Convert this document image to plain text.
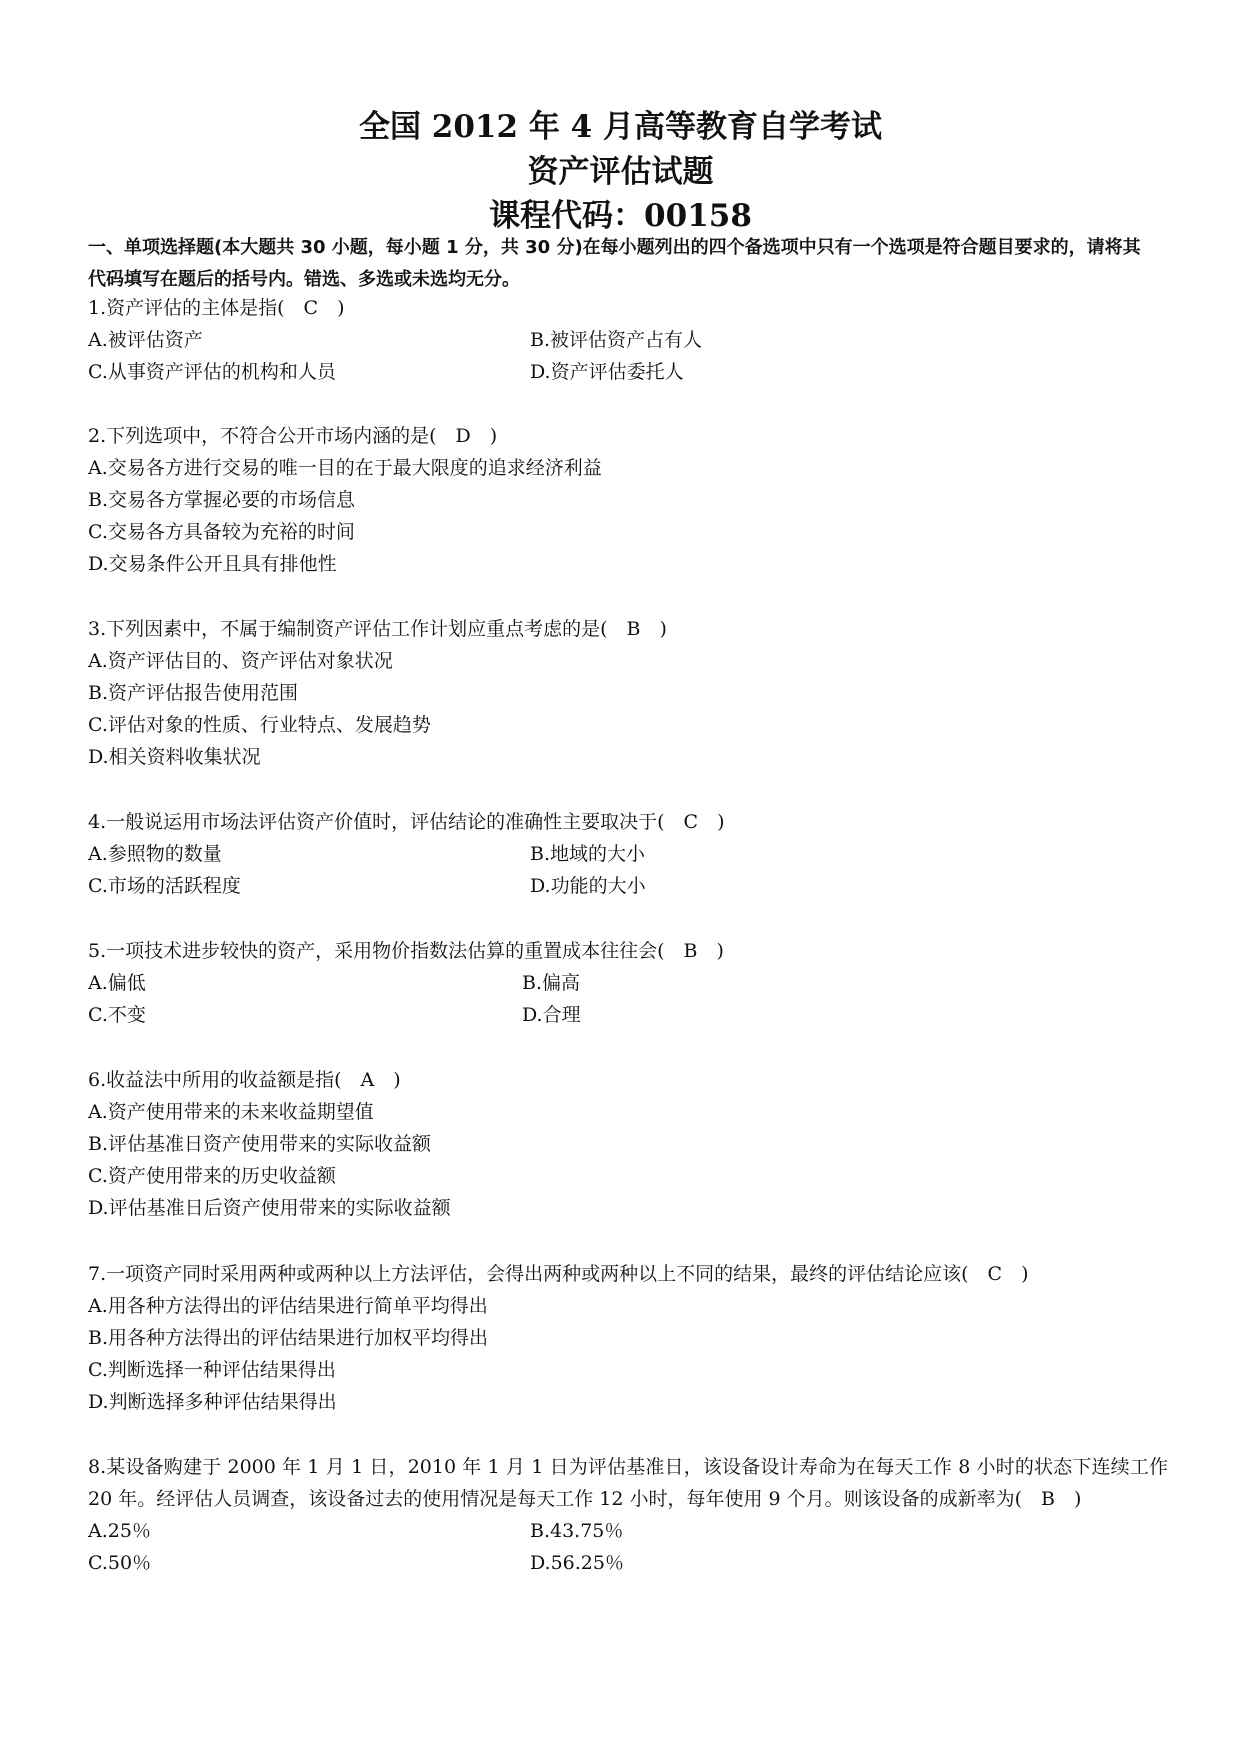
全国 2012 年 4 月高等教育自学考试
资产评估试题
课程代码：00158
一、单项选择题(本大题共 30 小题，每小题 1 分，共 30 分)在每小题列出的四个备选项中只有一个选项是符合题目要求的，请将其代码填写在题后的括号内。错选、多选或未选均无分。
1.资产评估的主体是指(　C　)
A.被评估资产	B.被评估资产占有人
C.从事资产评估的机构和人员	D.资产评估委托人
2.下列选项中，不符合公开市场内涵的是(　D　)
A.交易各方进行交易的唯一目的在于最大限度的追求经济利益
B.交易各方掌握必要的市场信息
C.交易各方具备较为充裕的时间
D.交易条件公开且具有排他性
3.下列因素中，不属于编制资产评估工作计划应重点考虑的是(　B　)
A.资产评估目的、资产评估对象状况
B.资产评估报告使用范围
C.评估对象的性质、行业特点、发展趋势
D.相关资料收集状况
4.一般说运用市场法评估资产价值时，评估结论的准确性主要取决于(　C　)
A.参照物的数量	B.地域的大小
C.市场的活跃程度	D.功能的大小
5.一项技术进步较快的资产，采用物价指数法估算的重置成本往往会(　B　)
A.偏低	B.偏高
C.不变	D.合理
6.收益法中所用的收益额是指(　A　)
A.资产使用带来的未来收益期望值
B.评估基准日资产使用带来的实际收益额
C.资产使用带来的历史收益额
D.评估基准日后资产使用带来的实际收益额
7.一项资产同时采用两种或两种以上方法评估，会得出两种或两种以上不同的结果，最终的评估结论应该(　C　)
A.用各种方法得出的评估结果进行简单平均得出
B.用各种方法得出的评估结果进行加权平均得出
C.判断选择一种评估结果得出
D.判断选择多种评估结果得出
8.某设备购建于 2000 年 1 月 1 日，2010 年 1 月 1 日为评估基准日，该设备设计寿命为在每天工作 8 小时的状态下连续工作 20 年。经评估人员调查，该设备过去的使用情况是每天工作 12 小时，每年使用 9 个月。则该设备的成新率为(　B　)
A.25％	B.43.75％
C.50％	D.56.25％
